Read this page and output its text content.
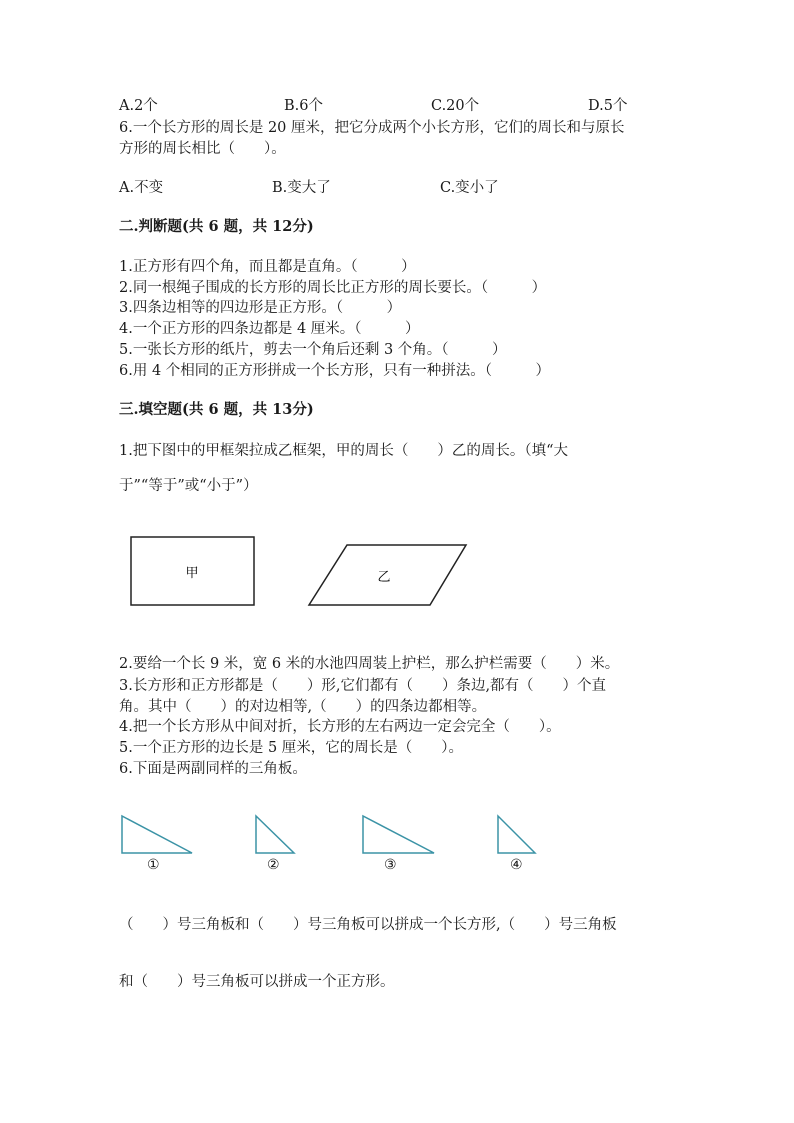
A.2个	B.6个	C.20个	D.5个
6.一个长方形的周长是 20 厘米，把它分成两个小长方形，它们的周长和与原长
方形的周长相比（　　）。
A.不变	B.变大了	C.变小了
二.判断题(共 6 题，共 12分)
1.正方形有四个角，而且都是直角。（　　　）
2.同一根绳子围成的长方形的周长比正方形的周长要长。（　　　）
3.四条边相等的四边形是正方形。（　　　）
4.一个正方形的四条边都是 4 厘米。（　　　）
5.一张长方形的纸片，剪去一个角后还剩 3 个角。（　　　）
6.用 4 个相同的正方形拼成一个长方形，只有一种拼法。（　　　）
三.填空题(共 6 题，共 13分)
1.把下图中的甲框架拉成乙框架，甲的周长（　　）乙的周长。（填“大
于”“等于”或“小于”）
甲	乙
2.要给一个长 9 米，宽 6 米的水池四周装上护栏，那么护栏需要（　　）米。
3.长方形和正方形都是（　　）形,它们都有（　　）条边,都有（　　）个直
角。其中（　　）的对边相等,（　　）的四条边都相等。
4.把一个长方形从中间对折，长方形的左右两边一定会完全（　　）。
5.一个正方形的边长是 5 厘米，它的周长是（　　）。
6.下面是两副同样的三角板。
①	②	③	④
（　　）号三角板和（　　）号三角板可以拼成一个长方形,（　　）号三角板
和（　　）号三角板可以拼成一个正方形。
